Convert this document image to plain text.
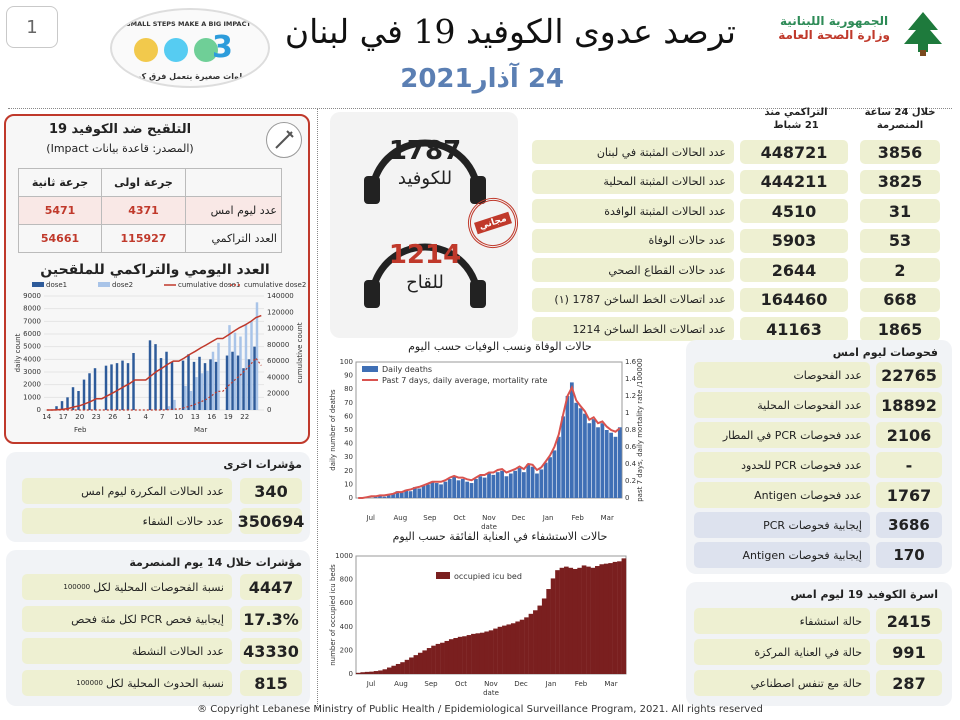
1	SMALL STEPS MAKE A BIG IMPACT
3
خطوات صغيرة بتعمل فرق كبير
ترصد عدوى الكوفيد 19 في لبنان
24 آذار2021
الجمهورية اللبنانية
وزارة الصحة العامة
خلال 24 ساعة المنصرمة
التراكمي منذ 21 شباط
عدد الحالات المثبتة في لبنان	448721	3856
عدد الحالات المثبتة المحلية	444211	3825
عدد الحالات المثبتة الوافدة	4510	31
عدد حالات الوفاة	5903	53
عدد حالات القطاع الصحي	2644	2
عدد اتصالات الخط الساخن 1787 (١)	164460	668
عدد اتصالات الخط الساخن 1214	41163	1865
1787
للكوفيد
1214
للقاح
مجاني
التلقيح ضد الكوفيد 19
(المصدر: قاعدة بيانات Impact)
	جرعة اولى	جرعة ثانية
عدد ليوم امس	4371	5471
العدد التراكمي	115927	54661
العدد اليومي والتراكمي للملقحين
dose1	dose2	cumulative dose1 cumulative dose2
0
1000
2000
3000
4000
5000
6000
7000
8000
9000
0
20000
40000
60000
80000
100000
120000
140000
daily count	cumulative count
14 17 20 23 26 1 4 7 10 13 16 19 22
Feb	Mar
مؤشرات اخرى
عدد الحالات المكررة ليوم امس	340
عدد حالات الشفاء 350694
مؤشرات خلال 14 يوم المنصرمة
نسبة الفحوصات المحلية لكل
100000	4447
إيجابية فحص PCR لكل مئة فحص 17.3%
عدد الحالات النشطة 43330
نسبة الحدوث المحلية لكل
100000	815
حالات الوفاة ونسب الوفيات حسب اليوم
0
10
20
30
40
50
60
70
80
90
100
0
0.2
0.4
0.6
0.8
1
1.2
1.4
1.6
Daily deaths
Past 7 days, daily average, mortality rate
Jul	Aug Sep Oct Nov Dec Jan	Feb Mar
date
daily number of deaths	past 7 days, daily mortality rate /100000
حالات الاستشفاء في العناية الفائقة حسب اليوم
0
200
400
600
800
1000
occupied icu bed
Jul	Aug Sep Oct Nov Dec	Jan	Feb Mar
date
number of occupied icu beds
فحوصات ليوم امس
عدد الفحوصات	22765
عدد الفحوصات المحلية	18892
عدد فحوصات PCR في المطار	2106
عدد فحوصات PCR للحدود	-
عدد فحوصات Antigen	1767
إيجابية فحوصات PCR	3686
إيجابية فحوصات Antigen	170
اسرة الكوفيد 19 ليوم امس
حالة استشفاء	2415
حالة في العناية المركزة	991
حالة مع تنفس اصطناعي	287
® Copyright Lebanese Ministry of Public Health / Epidemiological Surveillance Program, 2021. All rights reserved
